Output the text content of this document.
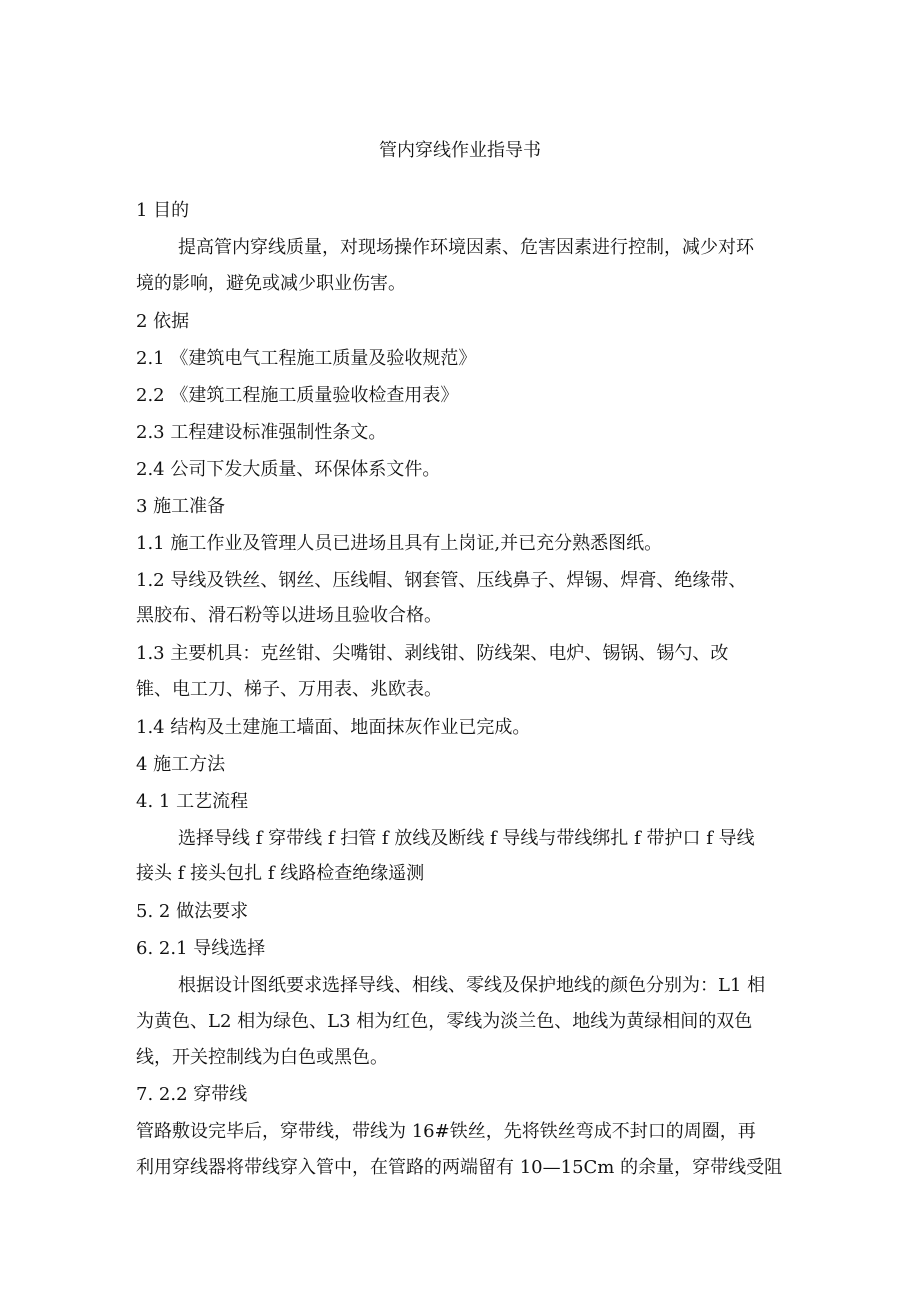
管内穿线作业指导书
1 目的
提高管内穿线质量，对现场操作环境因素、危害因素进行控制，减少对环
境的影响，避免或减少职业伤害。
2 依据
2.1 《建筑电气工程施工质量及验收规范》
2.2 《建筑工程施工质量验收检查用表》
2.3 工程建设标准强制性条文。
2.4 公司下发大质量、环保体系文件。
3 施工准备
1.1 施工作业及管理人员已进场且具有上岗证,并已充分熟悉图纸。
1.2 导线及铁丝、钢丝、压线帽、钢套管、压线鼻子、焊锡、焊膏、绝缘带、
黑胶布、滑石粉等以进场且验收合格。
1.3 主要机具：克丝钳、尖嘴钳、剥线钳、防线架、电炉、锡锅、锡勺、改
锥、电工刀、梯子、万用表、兆欧表。
1.4 结构及土建施工墙面、地面抹灰作业已完成。
4 施工方法
4. 1 工艺流程
选择导线 f 穿带线 f 扫管 f 放线及断线 f 导线与带线绑扎 f 带护口 f 导线
接头 f 接头包扎 f 线路检查绝缘遥测
5. 2 做法要求
6. 2.1 导线选择
根据设计图纸要求选择导线、相线、零线及保护地线的颜色分别为：L1 相
为黄色、L2 相为绿色、L3 相为红色，零线为淡兰色、地线为黄绿相间的双色
线，开关控制线为白色或黑色。
7. 2.2 穿带线
管路敷设完毕后，穿带线，带线为 16#铁丝，先将铁丝弯成不封口的周圈，再
利用穿线器将带线穿入管中，在管路的两端留有 10—15Cm 的余量，穿带线受阻
